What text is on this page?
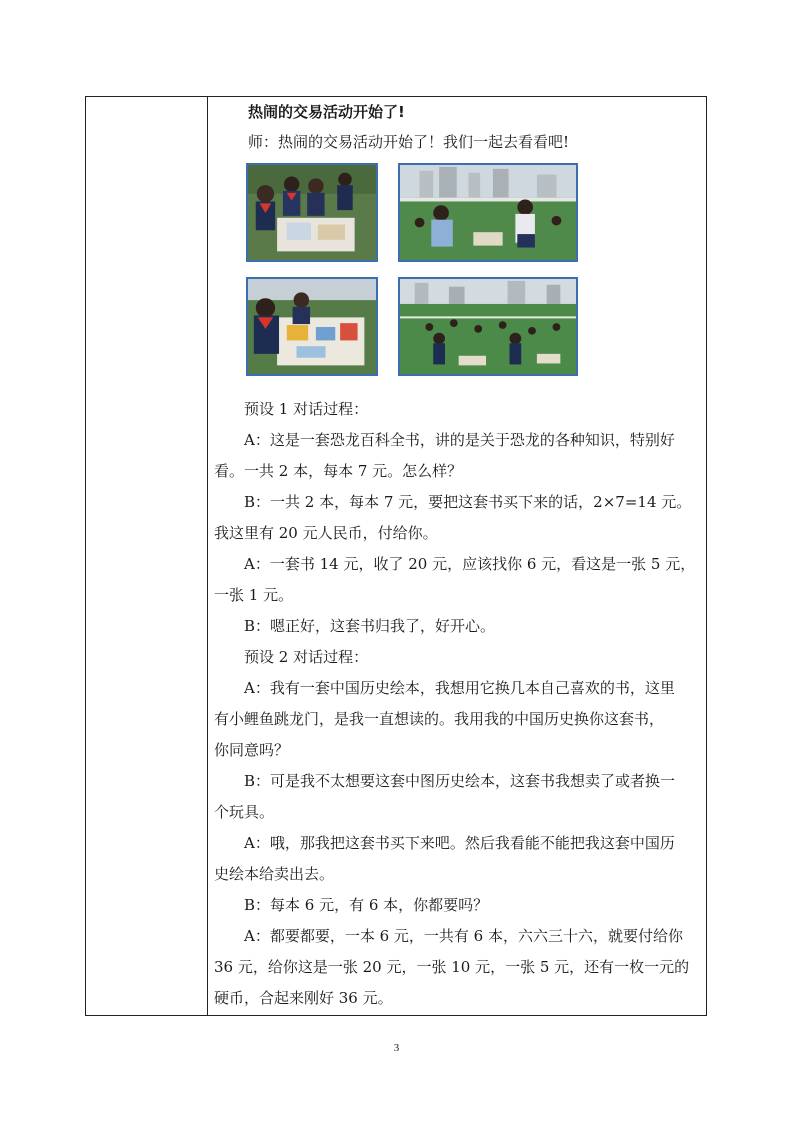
热闹的交易活动开始了!
师：热闹的交易活动开始了！我们一起去看看吧!
预设 1 对话过程：
A：这是一套恐龙百科全书，讲的是关于恐龙的各种知识，特别好
看。一共 2 本，每本 7 元。怎么样？
B：一共 2 本，每本 7 元，要把这套书买下来的话，2×7=14 元。
我这里有 20 元人民币，付给你。
A：一套书 14 元，收了 20 元，应该找你 6 元，看这是一张 5 元，
一张 1 元。
B：嗯正好，这套书归我了，好开心。
预设 2 对话过程：
A：我有一套中国历史绘本，我想用它换几本自己喜欢的书，这里
有小鲤鱼跳龙门，是我一直想读的。我用我的中国历史换你这套书，
你同意吗？
B：可是我不太想要这套中图历史绘本，这套书我想卖了或者换一
个玩具。
A：哦，那我把这套书买下来吧。然后我看能不能把我这套中国历
史绘本给卖出去。
B：每本 6 元，有 6 本，你都要吗？
A：都要都要，一本 6 元，一共有 6 本，六六三十六，就要付给你
36 元，给你这是一张 20 元，一张 10 元，一张 5 元，还有一枚一元的
硬币，合起来刚好 36 元。
3
